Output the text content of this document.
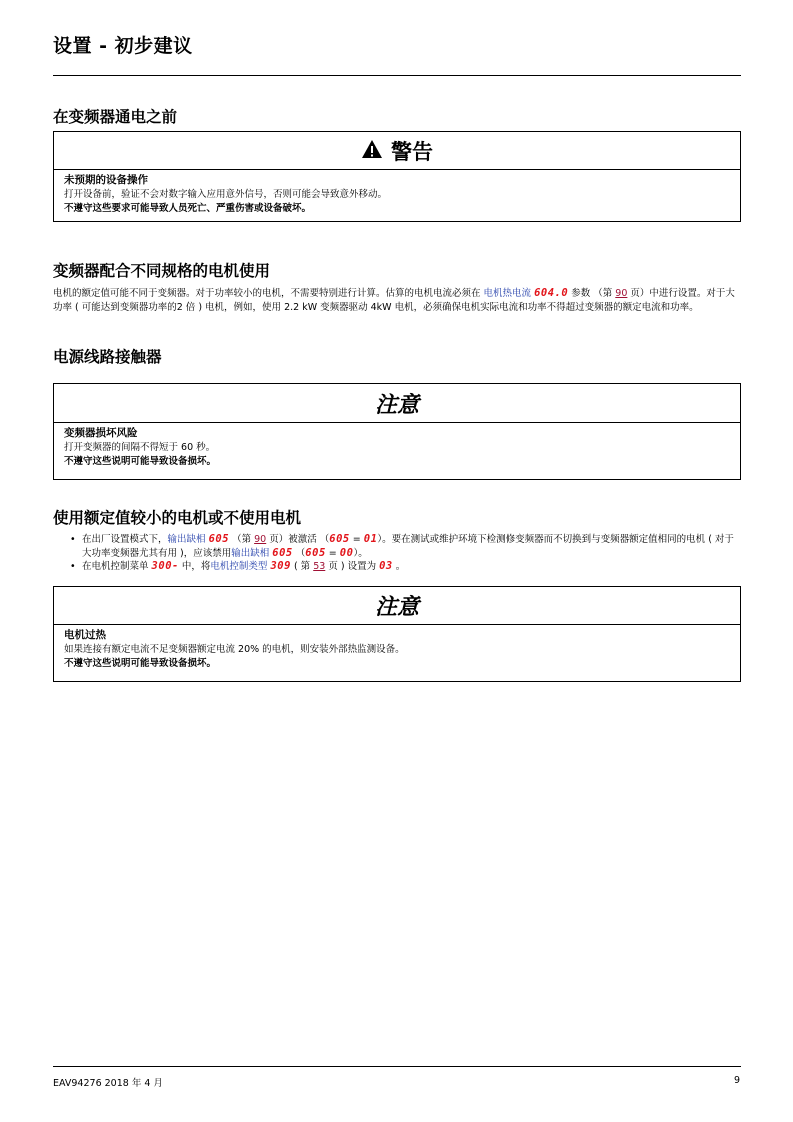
设置 - 初步建议
在变频器通电之前
警告
未预期的设备操作
打开设备前，验证不会对数字输入应用意外信号，否则可能会导致意外移动。
不遵守这些要求可能导致人员死亡、严重伤害或设备破坏。
变频器配合不同规格的电机使用
电机的额定值可能不同于变频器。对于功率较小的电机，不需要特别进行计算。估算的电机电流必须在 电机热电流 604.0 参数 （第 90 页）中进行设置。对于大功率 ( 可能达到变频器功率的2 倍 ) 电机，例如，使用 2.2 kW 变频器驱动 4kW 电机，必须确保电机实际电流和功率不得超过变频器的额定电流和功率。
电源线路接触器
注意
变频器损坏风险
打开变频器的间隔不得短于 60 秒。
不遵守这些说明可能导致设备损坏。
使用额定值较小的电机或不使用电机
• 在出厂设置模式下，输出缺相 605 （第 90 页）被激活 （605 = 01）。要在测试或维护环境下检测修变频器而不切换到与变频器额定值相同的电机 ( 对于大功率变频器尤其有用 )，应该禁用输出缺相 605 （605 = 00）。
• 在电机控制菜单 300- 中，将电机控制类型 309 ( 第 53 页 ) 设置为 03 。
注意
电机过热
如果连接有额定电流不足变频器额定电流 20% 的电机，则安装外部热监测设备。
不遵守这些说明可能导致设备损坏。
EAV94276 2018 年 4 月	9
